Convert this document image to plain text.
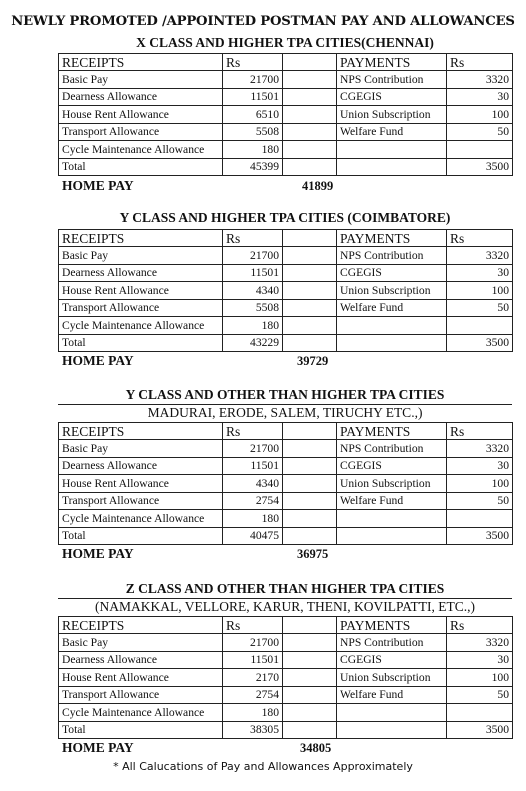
NEWLY PROMOTED /APPOINTED POSTMAN PAY AND ALLOWANCES
X CLASS AND HIGHER TPA CITIES(CHENNAI)
RECEIPTS	Rs		PAYMENTS	Rs
Basic Pay	21700		NPS Contribution	3320
Dearness Allowance	11501		CGEGIS	30
House Rent Allowance	6510		Union Subscription	100
Transport Allowance	5508		Welfare Fund	50
Cycle Maintenance Allowance	180			
Total	45399			3500
HOME PAY	41899
Y CLASS AND HIGHER TPA CITIES (COIMBATORE)
RECEIPTS	Rs		PAYMENTS	Rs
Basic Pay	21700		NPS Contribution	3320
Dearness Allowance	11501		CGEGIS	30
House Rent Allowance	4340		Union Subscription	100
Transport Allowance	5508		Welfare Fund	50
Cycle Maintenance Allowance	180			
Total	43229			3500
HOME PAY	39729
Y CLASS AND OTHER THAN HIGHER TPA CITIES
MADURAI, ERODE, SALEM, TIRUCHY ETC.,)
RECEIPTS	Rs		PAYMENTS	Rs
Basic Pay	21700		NPS Contribution	3320
Dearness Allowance	11501		CGEGIS	30
House Rent Allowance	4340		Union Subscription	100
Transport Allowance	2754		Welfare Fund	50
Cycle Maintenance Allowance	180			
Total	40475			3500
HOME PAY	36975
Z CLASS AND OTHER THAN HIGHER TPA CITIES
(NAMAKKAL, VELLORE, KARUR, THENI, KOVILPATTI, ETC.,)
RECEIPTS	Rs		PAYMENTS	Rs
Basic Pay	21700		NPS Contribution	3320
Dearness Allowance	11501		CGEGIS	30
House Rent Allowance	2170		Union Subscription	100
Transport Allowance	2754		Welfare Fund	50
Cycle Maintenance Allowance	180			
Total	38305			3500
HOME PAY	34805
* All Calucations of Pay and Allowances Approximately
